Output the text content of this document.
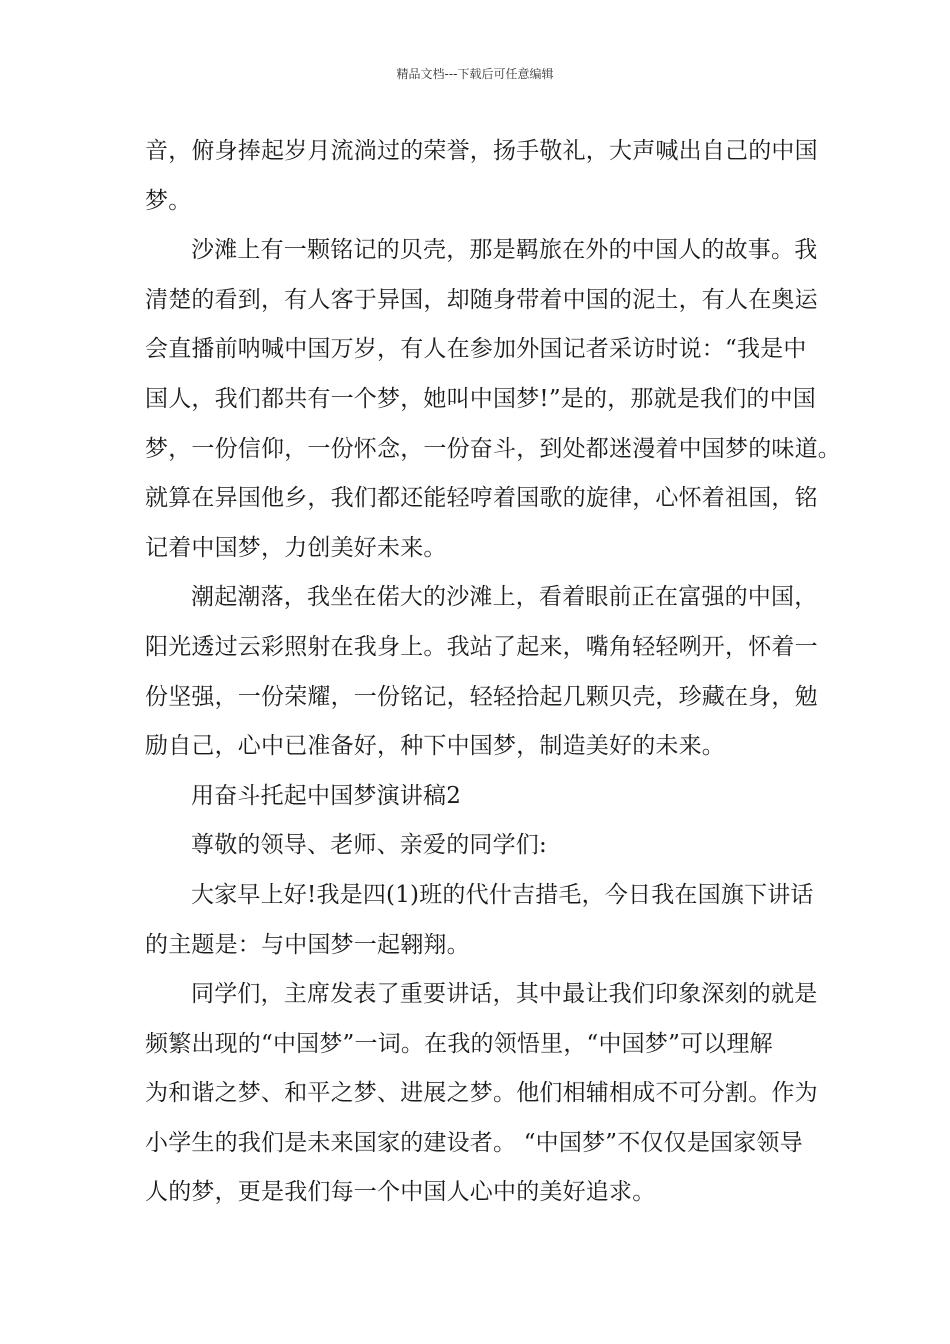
精品文档---下载后可任意编辑
音，俯身捧起岁月流淌过的荣誉，扬手敬礼，大声喊出自己的中国
梦。
沙滩上有一颗铭记的贝壳，那是羁旅在外的中国人的故事。我
清楚的看到，有人客于异国，却随身带着中国的泥土，有人在奥运
会直播前呐喊中国万岁，有人在参加外国记者采访时说：“我是中
国人，我们都共有一个梦，她叫中国梦!”是的，那就是我们的中国
梦，一份信仰，一份怀念，一份奋斗，到处都迷漫着中国梦的味道。
就算在异国他乡，我们都还能轻哼着国歌的旋律，心怀着祖国，铭
记着中国梦，力创美好未来。
潮起潮落，我坐在偌大的沙滩上，看着眼前正在富强的中国，
阳光透过云彩照射在我身上。我站了起来，嘴角轻轻咧开，怀着一
份坚强，一份荣耀，一份铭记，轻轻拾起几颗贝壳，珍藏在身，勉
励自己，心中已准备好，种下中国梦，制造美好的未来。
用奋斗托起中国梦演讲稿2
尊敬的领导、老师、亲爱的同学们:
大家早上好!我是四(1)班的代什吉措毛，今日我在国旗下讲话
的主题是：与中国梦一起翱翔。
同学们，主席发表了重要讲话，其中最让我们印象深刻的就是
频繁出现的“中国梦”一词。在我的领悟里，“中国梦”可以理解
为和谐之梦、和平之梦、进展之梦。他们相辅相成不可分割。作为
小学生的我们是未来国家的建设者。 “中国梦”不仅仅是国家领导
人的梦，更是我们每一个中国人心中的美好追求。
